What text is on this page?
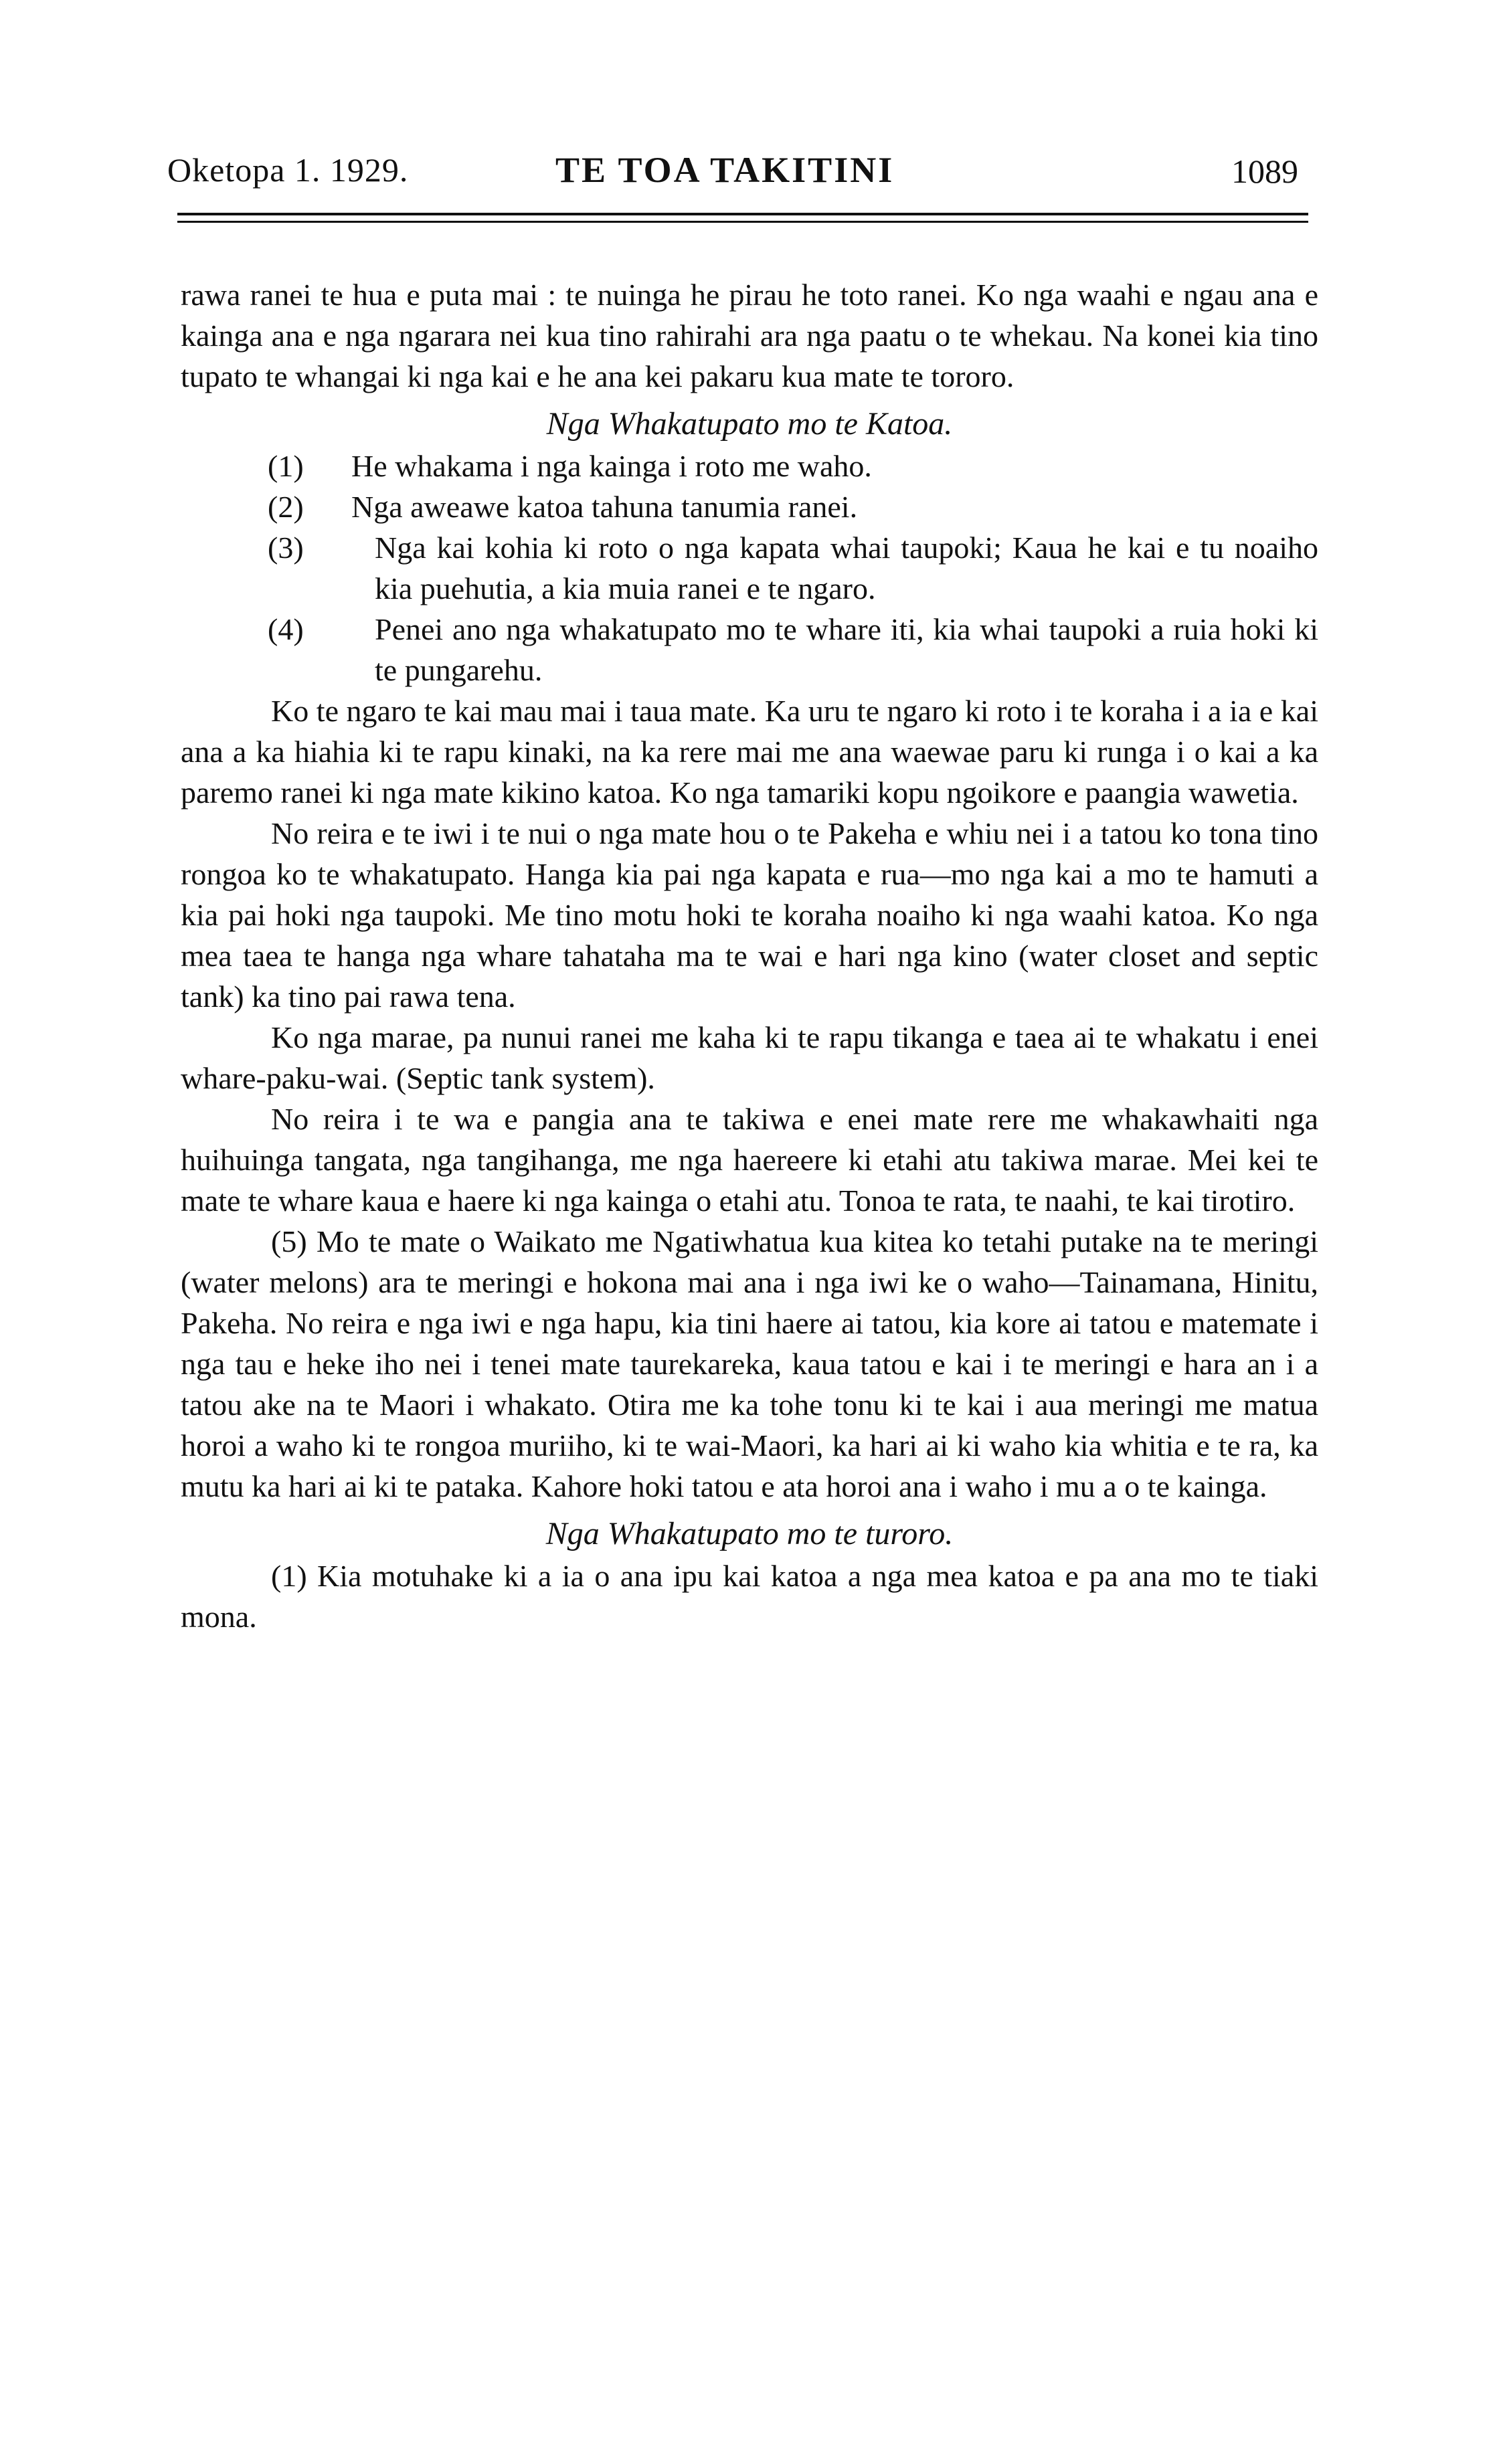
Oketopa 1. 1929.	TE TOA TAKITINI	1089

rawa ranei te hua e puta mai : te nuinga he pirau he toto ranei. Ko nga waahi e ngau ana e kainga ana e nga ngarara nei kua tino rahirahi ara nga paatu o te whekau. Na konei kia tino tupato te whangai ki nga kai e he ana kei pakaru kua mate te tororo.

Nga Whakatupato mo te Katoa.

(1) He whakama i nga kainga i roto me waho.

(2) Nga aweawe katoa tahuna tanumia ranei.

(3) Nga kai kohia ki roto o nga kapata whai taupoki; Kaua he kai e tu noaiho kia puehutia, a kia muia ranei e te ngaro.

(4) Penei ano nga whakatupato mo te whare iti, kia whai taupoki a ruia hoki ki te pungarehu.

Ko te ngaro te kai mau mai i taua mate. Ka uru te ngaro ki roto i te koraha i a ia e kai ana a ka hiahia ki te rapu kinaki, na ka rere mai me ana waewae paru ki runga i o kai a ka paremo ranei ki nga mate kikino katoa. Ko nga tamariki kopu ngoikore e paangia wawetia.

No reira e te iwi i te nui o nga mate hou o te Pakeha e whiu nei i a tatou ko tona tino rongoa ko te whakatupato. Hanga kia pai nga kapata e rua—mo nga kai a mo te hamuti a kia pai hoki nga taupoki. Me tino motu hoki te koraha noaiho ki nga waahi katoa. Ko nga mea taea te hanga nga whare tahataha ma te wai e hari nga kino (water closet and septic tank) ka tino pai rawa tena.

Ko nga marae, pa nunui ranei me kaha ki te rapu tikanga e taea ai te whakatu i enei whare-paku-wai. (Septic tank system).

No reira i te wa e pangia ana te takiwa e enei mate rere me whakawhaiti nga huihuinga tangata, nga tangihanga, me nga haereere ki etahi atu takiwa marae. Mei kei te mate te whare kaua e haere ki nga kainga o etahi atu. Tonoa te rata, te naahi, te kai tirotiro.

(5) Mo te mate o Waikato me Ngatiwhatua kua kitea ko tetahi putake na te meringi (water melons) ara te meringi e hokona mai ana i nga iwi ke o waho—Tainamana, Hinitu, Pakeha. No reira e nga iwi e nga hapu, kia tini haere ai tatou, kia kore ai tatou e matemate i nga tau e heke iho nei i tenei mate taurekareka, kaua tatou e kai i te meringi e hara an i a tatou ake na te Maori i whakato. Otira me ka tohe tonu ki te kai i aua meringi me matua horoi a waho ki te rongoa muriiho, ki te wai-Maori, ka hari ai ki waho kia whitia e te ra, ka mutu ka hari ai ki te pataka. Kahore hoki tatou e ata horoi ana i waho i mu a o te kainga.

Nga Whakatupato mo te turoro.

(1) Kia motuhake ki a ia o ana ipu kai katoa a nga mea katoa e pa ana mo te tiaki mona.
